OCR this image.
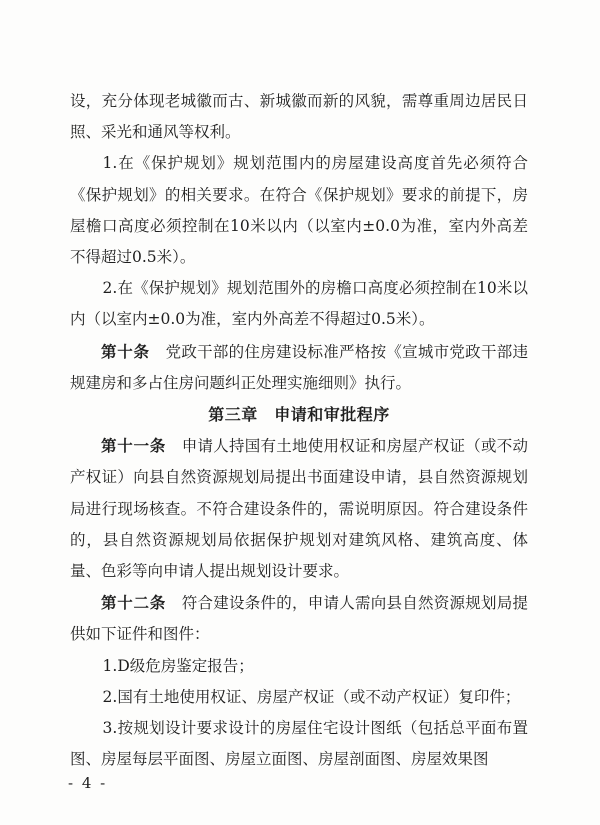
设，充分体现老城徽而古、新城徽而新的风貌，需尊重周边居民日照、采光和通风等权利。

1.在《保护规划》规划范围内的房屋建设高度首先必须符合《保护规划》的相关要求。在符合《保护规划》要求的前提下，房屋檐口高度必须控制在10米以内（以室内±0.0为准，室内外高差不得超过0.5米）。

2.在《保护规划》规划范围外的房檐口高度必须控制在10米以内（以室内±0.0为准，室内外高差不得超过0.5米）。

第十条　 党政干部的住房建设标准严格按《宣城市党政干部违规建房和多占住房问题纠正处理实施细则》执行。

第三章　申请和审批程序

第十一条　 申请人持国有土地使用权证和房屋产权证（或不动产权证）向县自然资源规划局提出书面建设申请，县自然资源规划局进行现场核查。不符合建设条件的，需说明原因。符合建设条件的，县自然资源规划局依据保护规划对建筑风格、建筑高度、体量、色彩等向申请人提出规划设计要求。

第十二条　 符合建设条件的，申请人需向县自然资源规划局提供如下证件和图件：

1.D级危房鉴定报告；

2.国有土地使用权证、房屋产权证（或不动产权证）复印件；

3.按规划设计要求设计的房屋住宅设计图纸（包括总平面布置图、房屋每层平面图、房屋立面图、房屋剖面图、房屋效果图

- 4 -
